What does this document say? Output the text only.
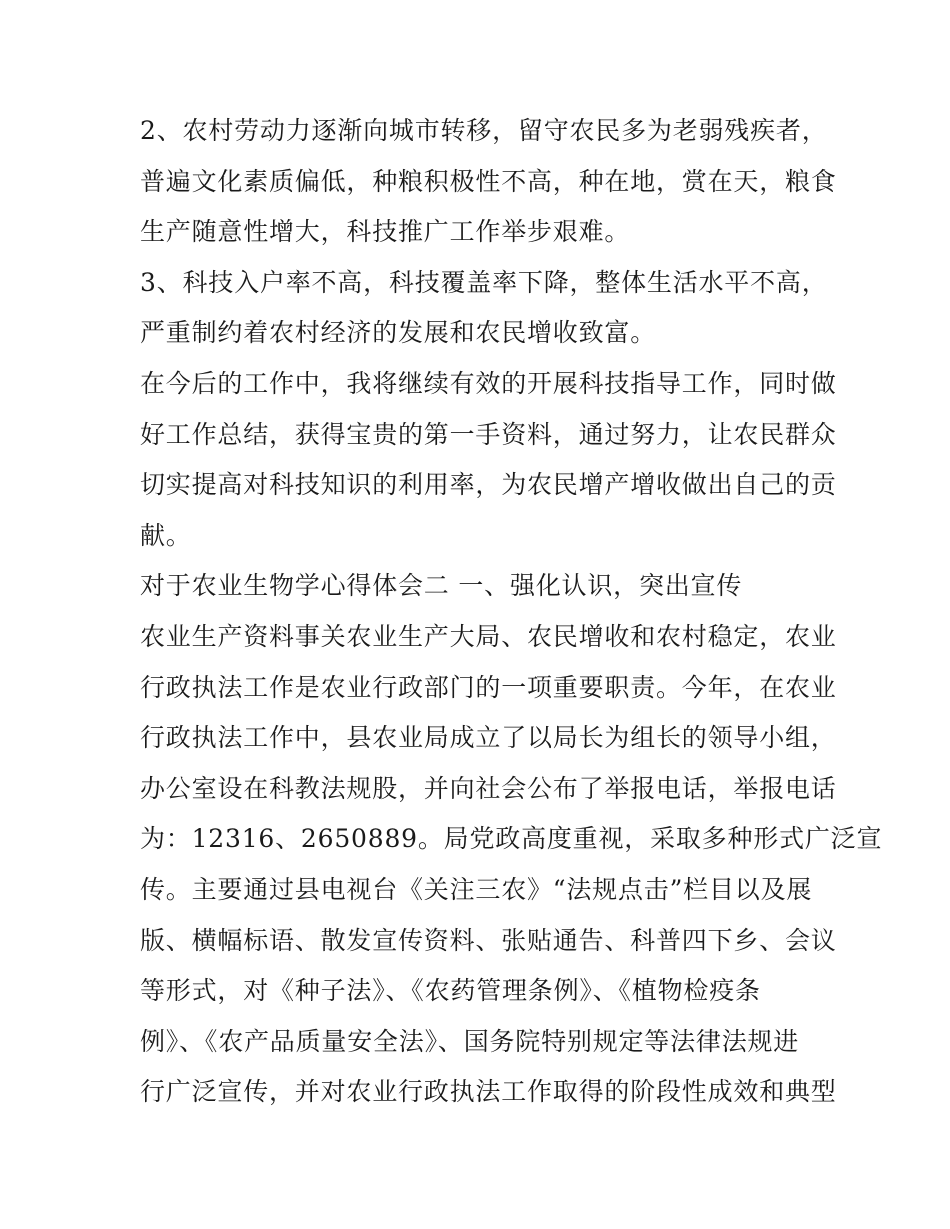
2、农村劳动力逐渐向城市转移，留守农民多为老弱残疾者，
普遍文化素质偏低，种粮积极性不高，种在地，赏在天，粮食
生产随意性增大，科技推广工作举步艰难。
3、科技入户率不高，科技覆盖率下降，整体生活水平不高，
严重制约着农村经济的发展和农民增收致富。
在今后的工作中，我将继续有效的开展科技指导工作，同时做
好工作总结，获得宝贵的第一手资料，通过努力，让农民群众
切实提高对科技知识的利用率，为农民增产增收做出自己的贡
献。
对于农业生物学心得体会二 一、强化认识，突出宣传
农业生产资料事关农业生产大局、农民增收和农村稳定，农业
行政执法工作是农业行政部门的一项重要职责。今年，在农业
行政执法工作中，县农业局成立了以局长为组长的领导小组，
办公室设在科教法规股，并向社会公布了举报电话，举报电话
为：12316、2650889。局党政高度重视，采取多种形式广泛宣
传。主要通过县电视台《关注三农》“法规点击”栏目以及展
版、横幅标语、散发宣传资料、张贴通告、科普四下乡、会议
等形式，对《种子法》、《农药管理条例》、《植物检疫条
例》、《农产品质量安全法》、国务院特别规定等法律法规进
行广泛宣传，并对农业行政执法工作取得的阶段性成效和典型
